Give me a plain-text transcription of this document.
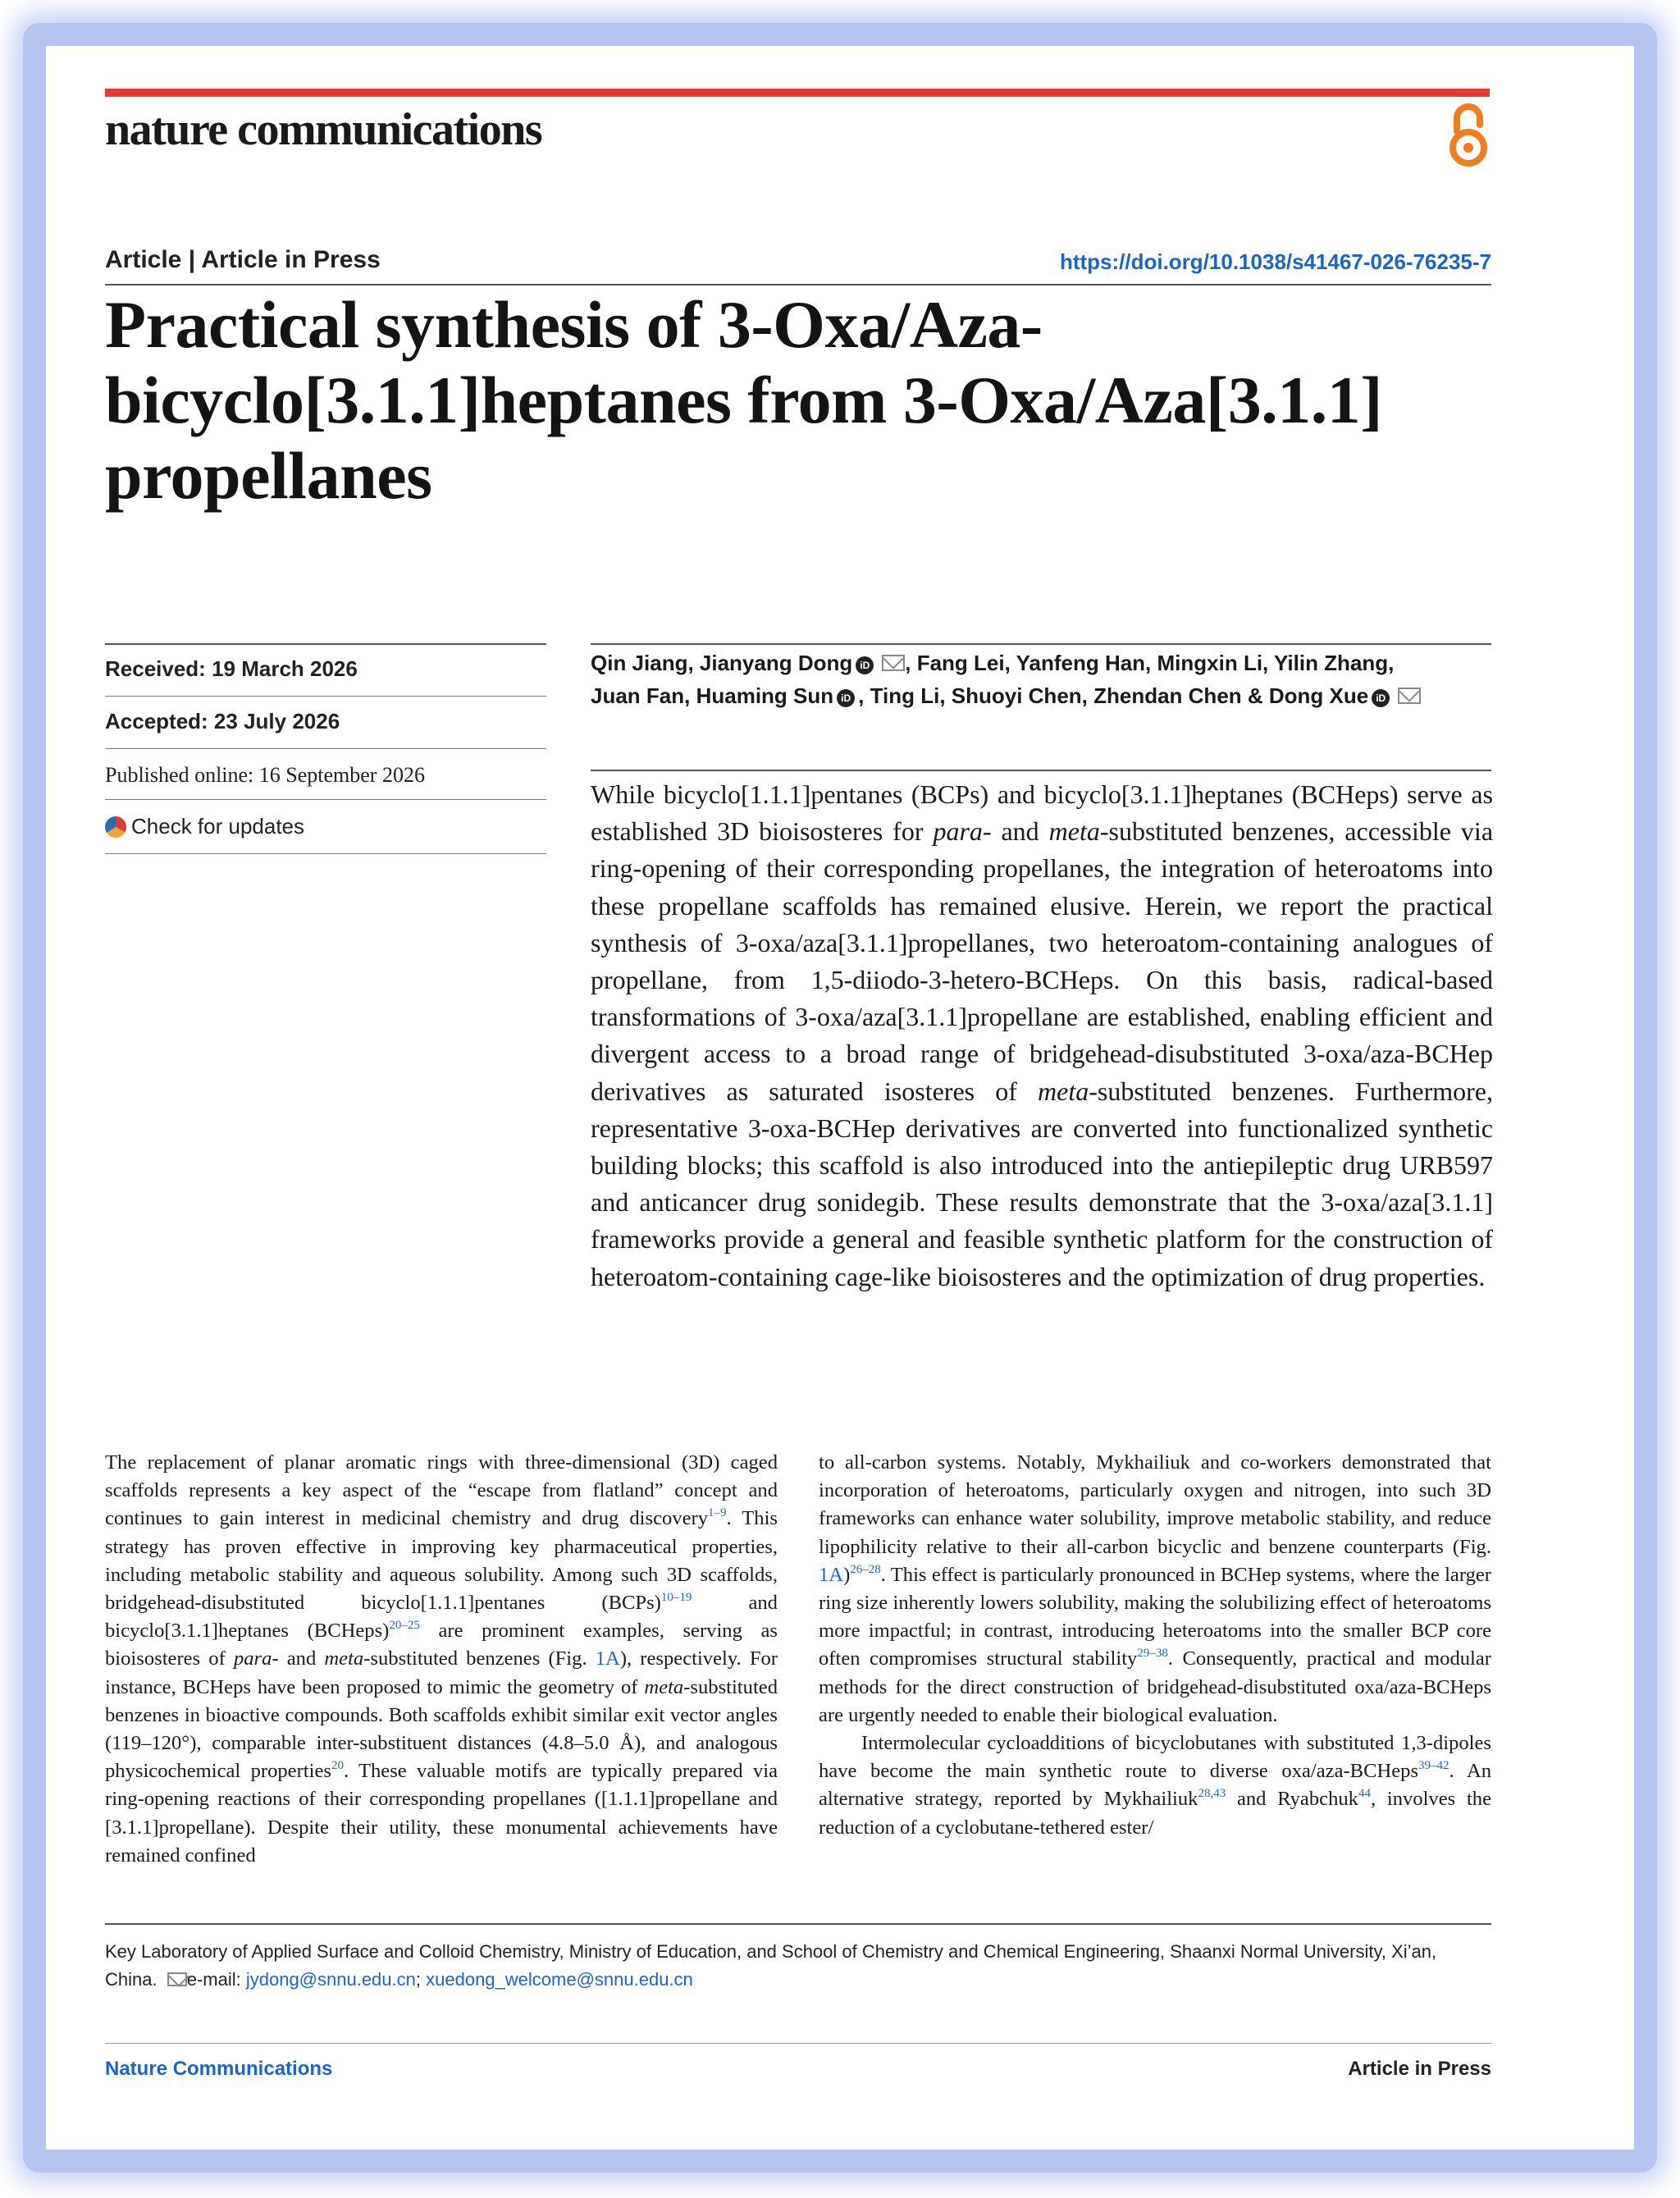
nature communications
Article | Article in Press	https://doi.org/10.1038/s41467-026-76235-7
Practical synthesis of 3-Oxa/Aza-
bicyclo[3.1.1]heptanes from 3-Oxa/Aza[3.1.1]
propellanes
Received: 19 March 2026
Accepted: 23 July 2026
Published online: 16 September 2026
Check for updates
Qin Jiang, Jianyang Dong iD , Fang Lei, Yanfeng Han, Mingxin Li, Yilin Zhang,
Juan Fan, Huaming Sun iD , Ting Li, Shuoyi Chen, Zhendan Chen & Dong Xue iD
While bicyclo[1.1.1]pentanes (BCPs) and bicyclo[3.1.1]heptanes (BCHeps) serve as established 3D bioisosteres for para- and meta-substituted benzenes, accessible via ring-opening of their corresponding propellanes, the integration of heteroatoms into these propellane scaffolds has remained elusive. Herein, we report the practical synthesis of 3-oxa/aza[3.1.1]propellanes, two heteroatom-containing analogues of propellane, from 1,5-diiodo-3-hetero-BCHeps. On this basis, radical-based transformations of 3-oxa/aza[3.1.1]propellane are established, enabling efficient and divergent access to a broad range of bridgehead-disubstituted 3-oxa/aza-BCHep derivatives as saturated isosteres of meta-substituted benzenes. Furthermore, representative 3-oxa-BCHep derivatives are converted into functionalized synthetic building blocks; this scaffold is also introduced into the antiepileptic drug URB597 and anticancer drug sonidegib. These results demonstrate that the 3-oxa/aza[3.1.1] frameworks provide a general and feasible synthetic platform for the construction of heteroatom-containing cage-like bioisosteres and the optimization of drug properties.

The replacement of planar aromatic rings with three-dimensional (3D) caged scaffolds represents a key aspect of the “escape from flatland” concept and continues to gain interest in medicinal chemistry and drug discovery$^{1-9}$. This strategy has proven effective in improving key pharmaceutical properties, including metabolic stability and aqueous solubility. Among such 3D scaffolds, bridgehead-disubstituted bicyclo[1.1.1]pentanes (BCPs)$^{10-19}$ and bicyclo[3.1.1]heptanes (BCHeps)$^{20-25}$ are prominent examples, serving as bioisosteres of para- and meta-substituted benzenes (Fig. 1A), respectively. For instance, BCHeps have been proposed to mimic the geometry of meta-substituted benzenes in bioactive compounds. Both scaffolds exhibit similar exit vector angles (119–120°), comparable inter-substituent distances (4.8–5.0 Å), and analogous physicochemical properties$^{20}$. These valuable motifs are typically prepared via ring-opening reactions of their corresponding propellanes ([1.1.1]propellane and [3.1.1]propellane). Despite their utility, these monumental achievements have remained confined

to all-carbon systems. Notably, Mykhailiuk and co-workers demonstrated that incorporation of heteroatoms, particularly oxygen and nitrogen, into such 3D frameworks can enhance water solubility, improve metabolic stability, and reduce lipophilicity relative to their all-carbon bicyclic and benzene counterparts (Fig. 1A)$^{26-28}$. This effect is particularly pronounced in BCHep systems, where the larger ring size inherently lowers solubility, making the solubilizing effect of heteroatoms more impactful; in contrast, introducing heteroatoms into the smaller BCP core often compromises structural stability$^{29-38}$. Consequently, practical and modular methods for the direct construction of bridgehead-disubstituted oxa/aza-BCHeps are urgently needed to enable their biological evaluation.

Intermolecular cycloadditions of bicyclobutanes with substituted 1,3-dipoles have become the main synthetic route to diverse oxa/aza-BCHeps$^{39-42}$. An alternative strategy, reported by Mykhailiuk$^{28,43}$ and Ryabchuk$^{44}$, involves the reduction of a cyclobutane-tethered ester/

Key Laboratory of Applied Surface and Colloid Chemistry, Ministry of Education, and School of Chemistry and Chemical Engineering, Shaanxi Normal University, Xi’an, China. e-mail: jydong@snnu.edu.cn; xuedong_welcome@snnu.edu.cn
Nature Communications	Article in Press
